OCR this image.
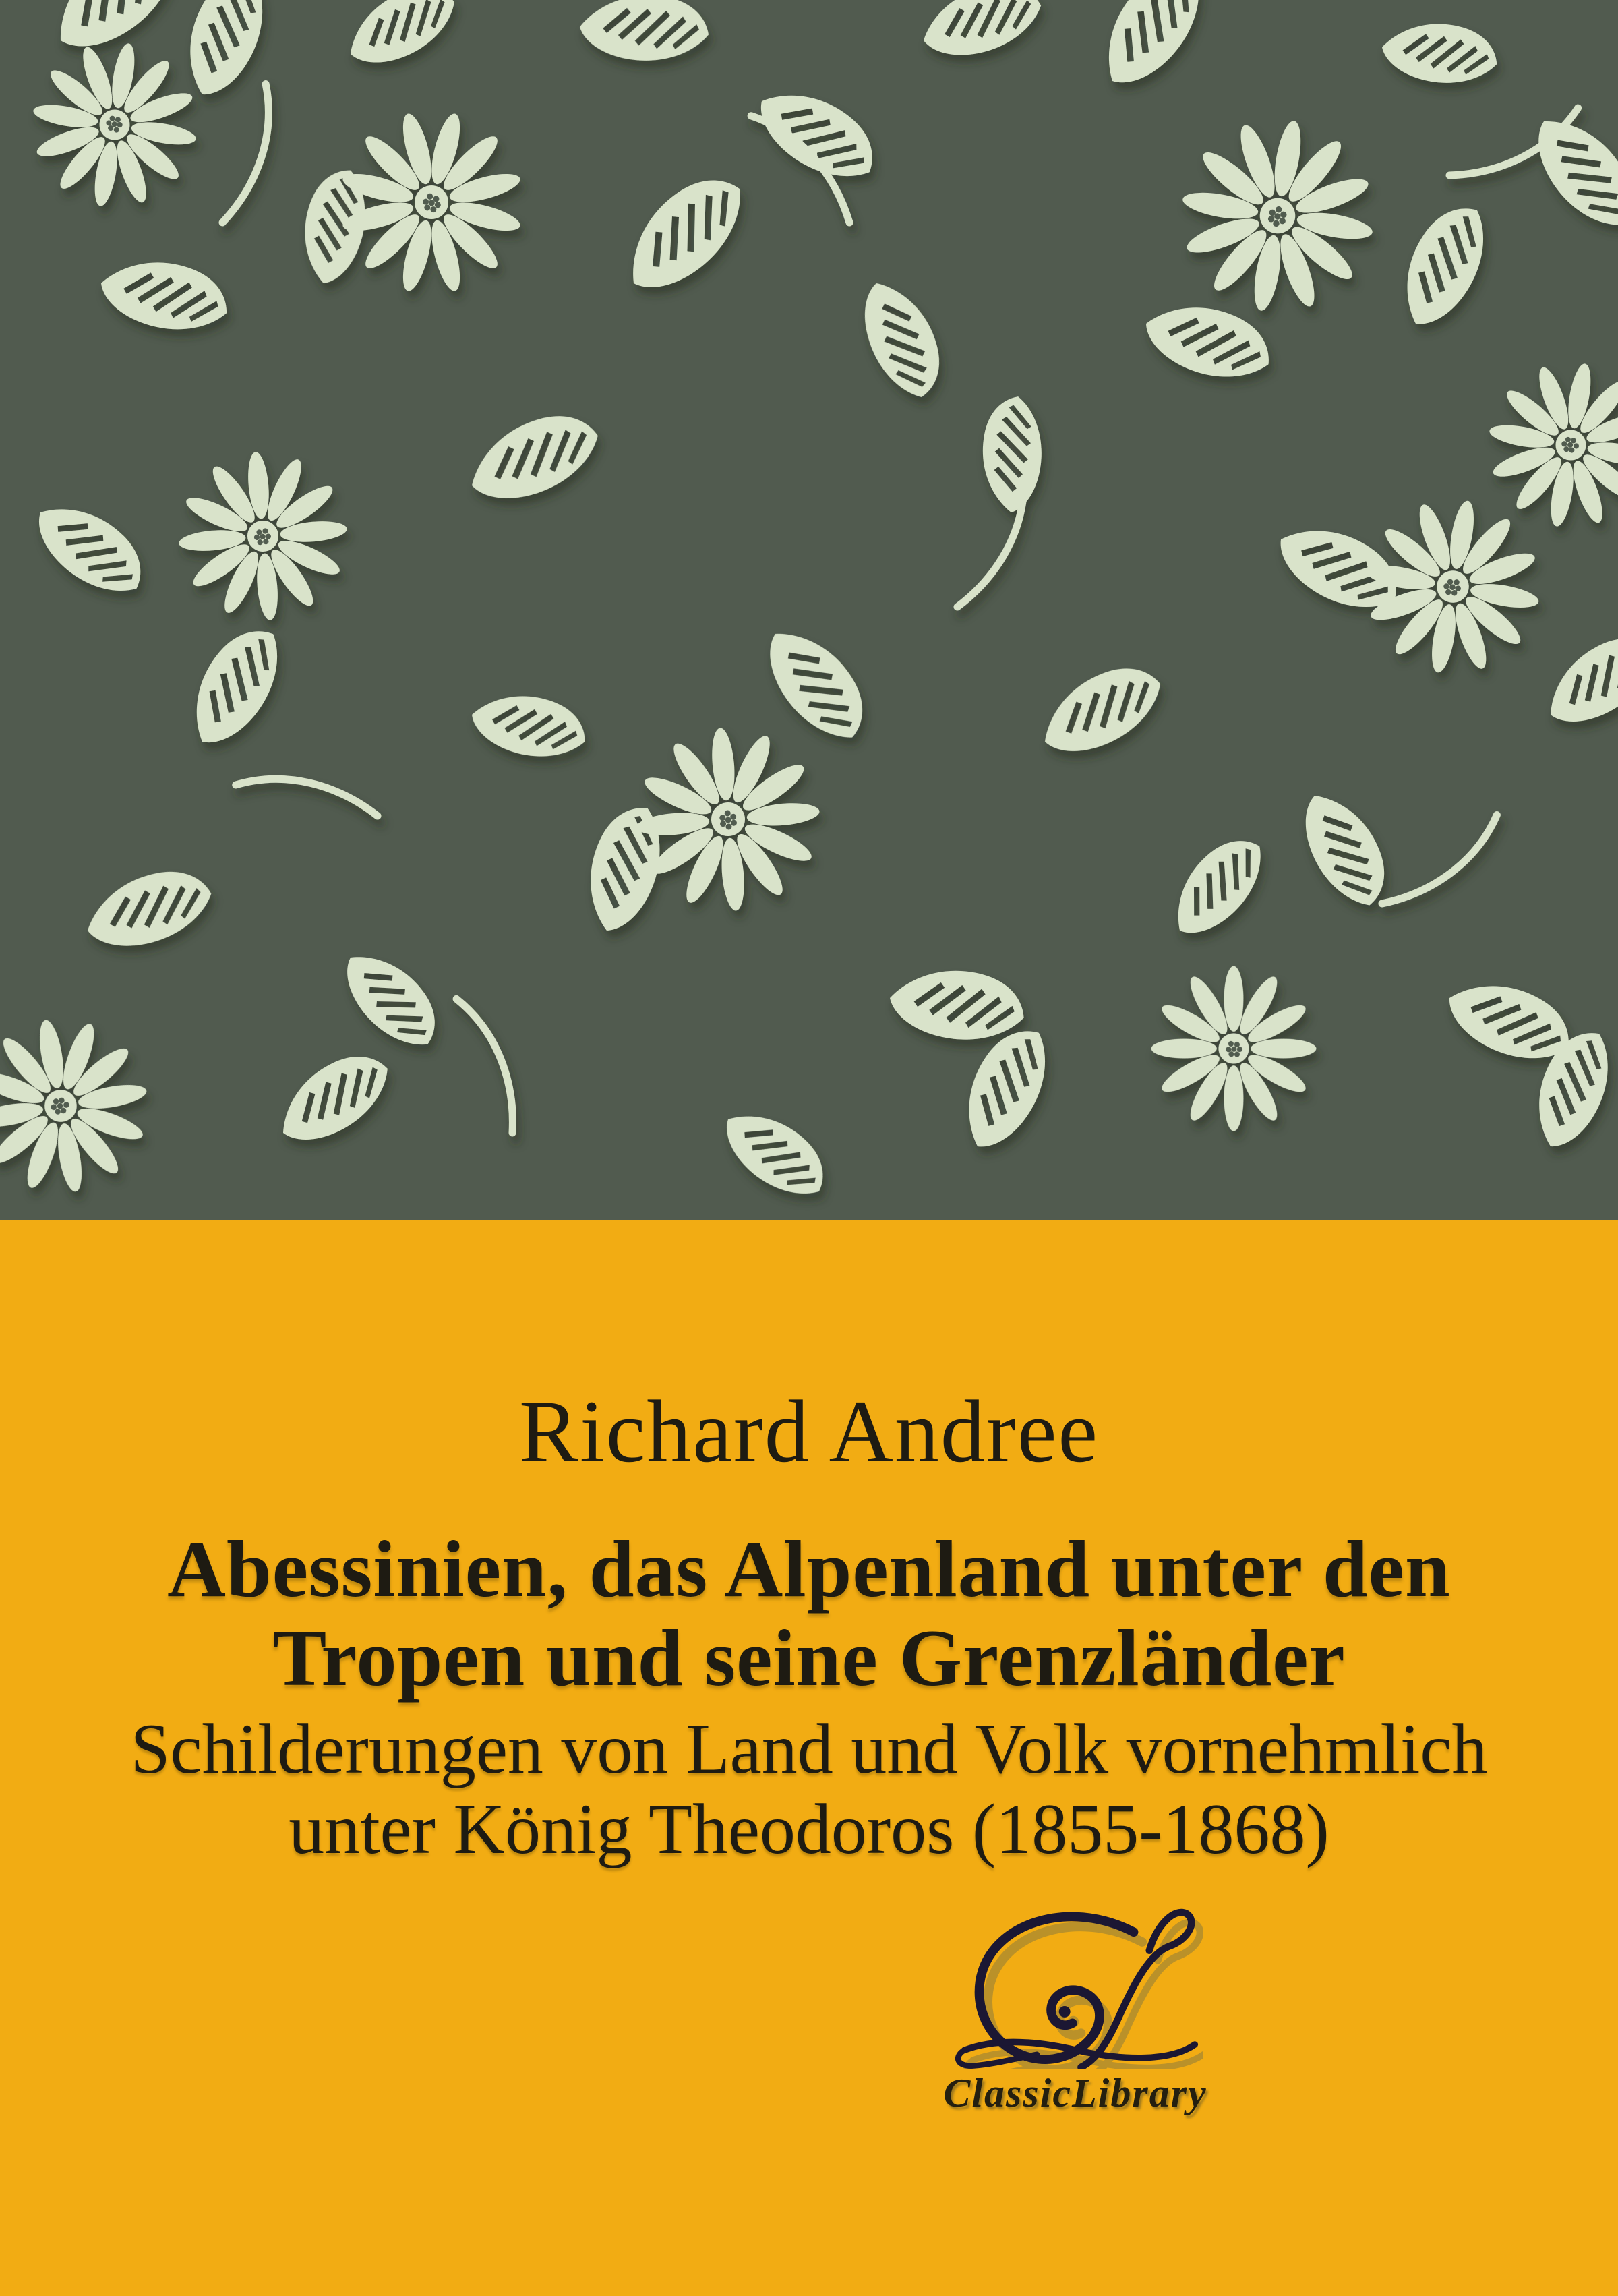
Richard Andree
Abessinien, das Alpenland unter den
Tropen und seine Grenzländer
Schilderungen von Land und Volk vornehmlich
unter König Theodoros (1855-1868)
ClassicLibrary
